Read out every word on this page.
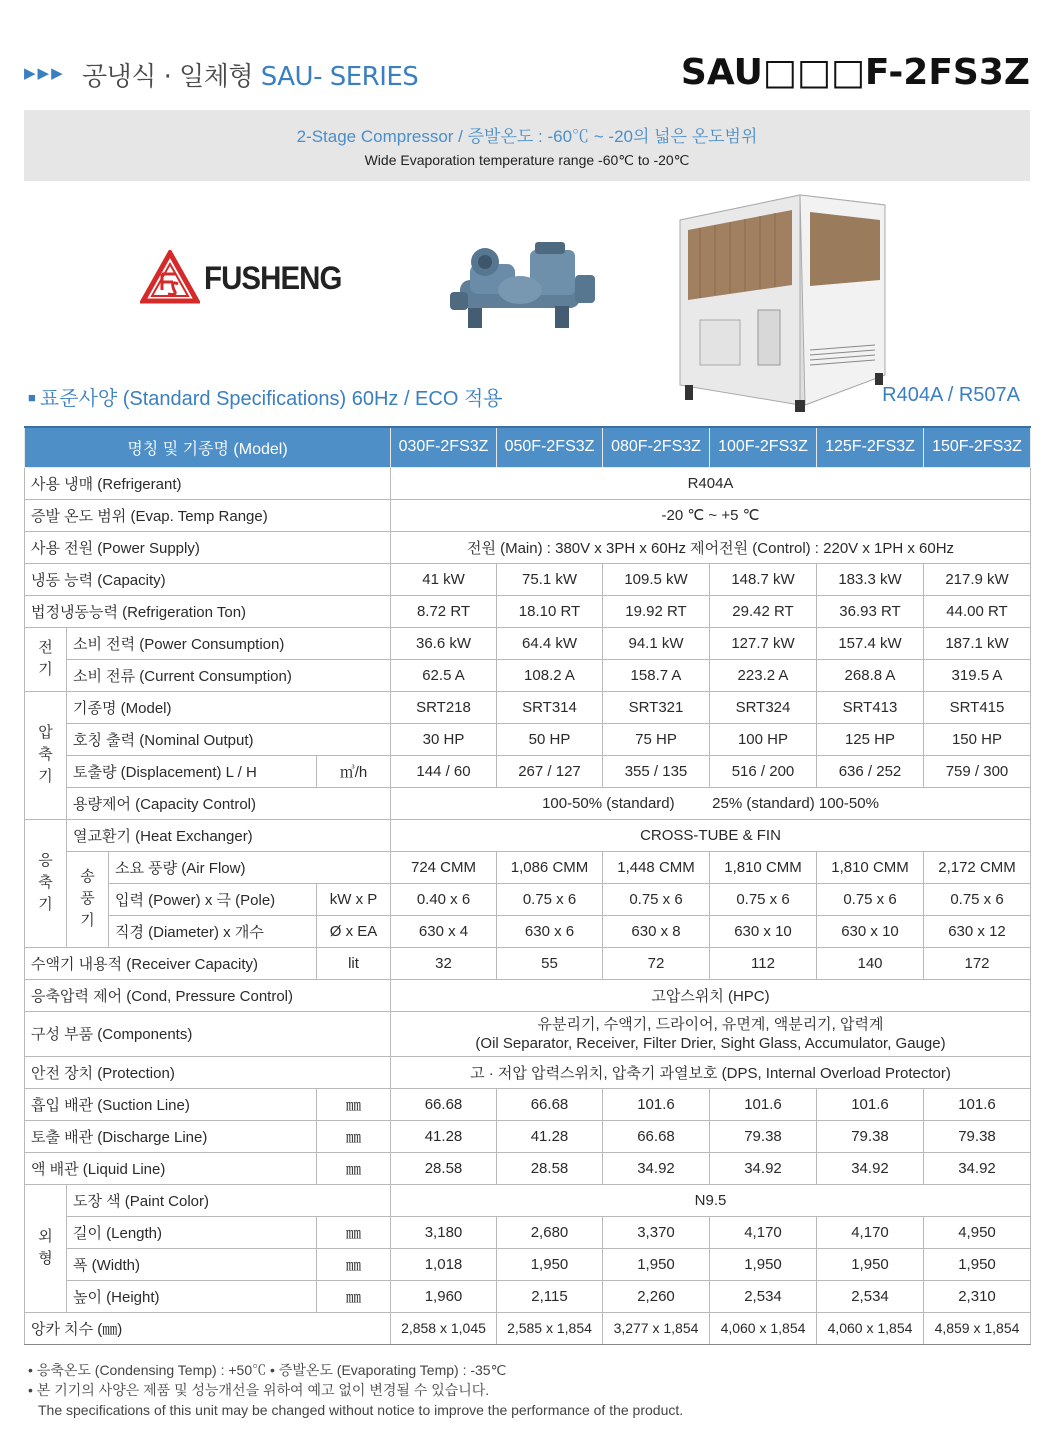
▶▶▶ 공냉식 · 일체형 SAU- SERIES	SAU□□□F-2FS3Z
2-Stage Compressor / 증발온도 : -60℃ ~ -20의 넓은 온도범위
Wide Evaporation temperature range -60℃ to -20℃
FUSHENG
■ 표준사양 (Standard Specifications) 60Hz / ECO 적용	R404A / R507A
명칭 및 기종명 (Model)				030F-2FS3Z	050F-2FS3Z	080F-2FS3Z	100F-2FS3Z	125F-2FS3Z	150F-2FS3Z
사용 냉매 (Refrigerant)				R404A					
증발 온도 범위 (Evap. Temp Range)				-20 ℃ ~ +5 ℃					
사용 전원 (Power Supply)				전원 (Main) : 380V x 3PH x 60Hz 제어전원 (Control) : 220V x 1PH x 60Hz					
냉동 능력 (Capacity)				41 kW	75.1 kW	109.5 kW	148.7 kW	183.3 kW	217.9 kW
법정냉동능력 (Refrigeration Ton)				8.72 RT	18.10 RT	19.92 RT	29.42 RT	36.93 RT	44.00 RT
전
기	소비 전력 (Power Consumption)			36.6 kW	64.4 kW	94.1 kW	127.7 kW	157.4 kW	187.1 kW
	소비 전류 (Current Consumption)			62.5 A	108.2 A	158.7 A	223.2 A	268.8 A	319.5 A
압
축
기	기종명 (Model)			SRT218	SRT314	SRT321	SRT324	SRT413	SRT415
	호칭 출력 (Nominal Output)			30 HP	50 HP	75 HP	100 HP	125 HP	150 HP
	토출량 (Displacement) L / H		㎥/h	144 / 60	267 / 127	355 / 135	516 / 200	636 / 252	759 / 300
	용량제어 (Capacity Control)			100-50% (standard)         25% (standard) 100-50%					
응
축
기	열교환기 (Heat Exchanger)			CROSS-TUBE & FIN					
	송
풍
기	소요 풍량 (Air Flow)		724 CMM	1,086 CMM	1,448 CMM	1,810 CMM	1,810 CMM	2,172 CMM
		입력 (Power) x 극 (Pole)	kW x P	0.40 x 6	0.75 x 6	0.75 x 6	0.75 x 6	0.75 x 6	0.75 x 6
		직경 (Diameter) x 개수	Ø x EA	630 x 4	630 x 6	630 x 8	630 x 10	630 x 10	630 x 12
수액기 내용적 (Receiver Capacity)			lit	32	55	72	112	140	172
응축압력 제어 (Cond, Pressure Control)				고압스위치 (HPC)					
구성 부품 (Components)				유분리기, 수액기, 드라이어, 유면계, 액분리기, 압력계
(Oil Separator, Receiver, Filter Drier, Sight Glass, Accumulator, Gauge)					

안전 장치 (Protection)				고 · 저압 압력스위치, 압축기 과열보호 (DPS, Internal Overload Protector)					
흡입 배관 (Suction Line)			㎜	66.68	66.68	101.6	101.6	101.6	101.6
토출 배관 (Discharge Line)			㎜	41.28	41.28	66.68	79.38	79.38	79.38
액 배관 (Liquid Line)			㎜	28.58	28.58	34.92	34.92	34.92	34.92
외
형	도장 색 (Paint Color)			N9.5					
	길이 (Length)		㎜	3,180	2,680	3,370	4,170	4,170	4,950
	폭 (Width)		㎜	1,018	1,950	1,950	1,950	1,950	1,950
	높이 (Height)		㎜	1,960	2,115	2,260	2,534	2,534	2,310
앙카 치수 (㎜)				2,858 x 1,045	2,585 x 1,854	3,277 x 1,854	4,060 x 1,854	4,060 x 1,854	4,859 x 1,854
• 응축온도 (Condensing Temp) : +50℃ • 증발온도 (Evaporating Temp) : -35℃
• 본 기기의 사양은 제품 및 성능개선을 위하여 예고 없이 변경될 수 있습니다.
The specifications of this unit may be changed without notice to improve the performance of the product.
